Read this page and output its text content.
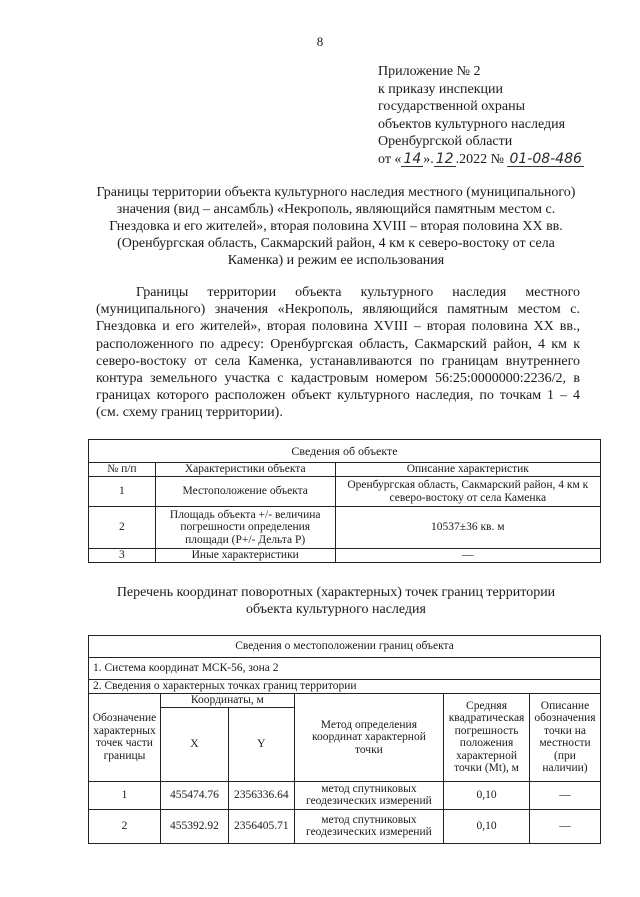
8
Приложение № 2
к приказу инспекции
государственной охраны
объектов культурного наследия
Оренбургской области
от « 14 ». 12 .2022 № 01-08-486
Границы территории объекта культурного наследия местного (муниципального) значения (вид – ансамбль) «Некрополь, являющийся памятным местом с. Гнездовка и его жителей», вторая половина XVIII – вторая половина XX вв. (Оренбургская область, Сакмарский район, 4 км к северо-востоку от села Каменка) и режим ее использования
Границы территории объекта культурного наследия местного (муниципального) значения «Некрополь, являющийся памятным местом с. Гнездовка и его жителей», вторая половина XVIII – вторая половина XX вв., расположенного по адресу: Оренбургская область, Сакмарский район, 4 км к северо-востоку от села Каменка, устанавливаются по границам внутреннего контура земельного участка с кадастровым номером 56:25:0000000:2236/2, в границах которого расположен объект культурного наследия, по точкам 1 – 4 (см. схему границ территории).
Сведения об объекте		
№ п/п	Характеристики объекта	Описание характеристик
1	Местоположение объекта	Оренбургская область, Сакмарский район, 4 км к северо-востоку от села Каменка
2	Площадь объекта +/- величина погрешности определения площади (Р+/- Дельта Р)	10537±36 кв. м
3	Иные характеристики	—
Перечень координат поворотных (характерных) точек границ территории объекта культурного наследия
Сведения о местоположении границ объекта					
1. Система координат МСК-56, зона 2					
2. Сведения о характерных точках границ территории					
Обозначение характерных точек части границы	Координаты, м		Метод определения координат характерной точки	Средняя квадратическая погрешность положения характерной точки (Mt), м	Описание обозначения точки на местности (при наличии)
	X	Y			
1	455474.76	2356336.64	метод спутниковых геодезических измерений	0,10	—
2	455392.92	2356405.71	метод спутниковых геодезических измерений	0,10	—
